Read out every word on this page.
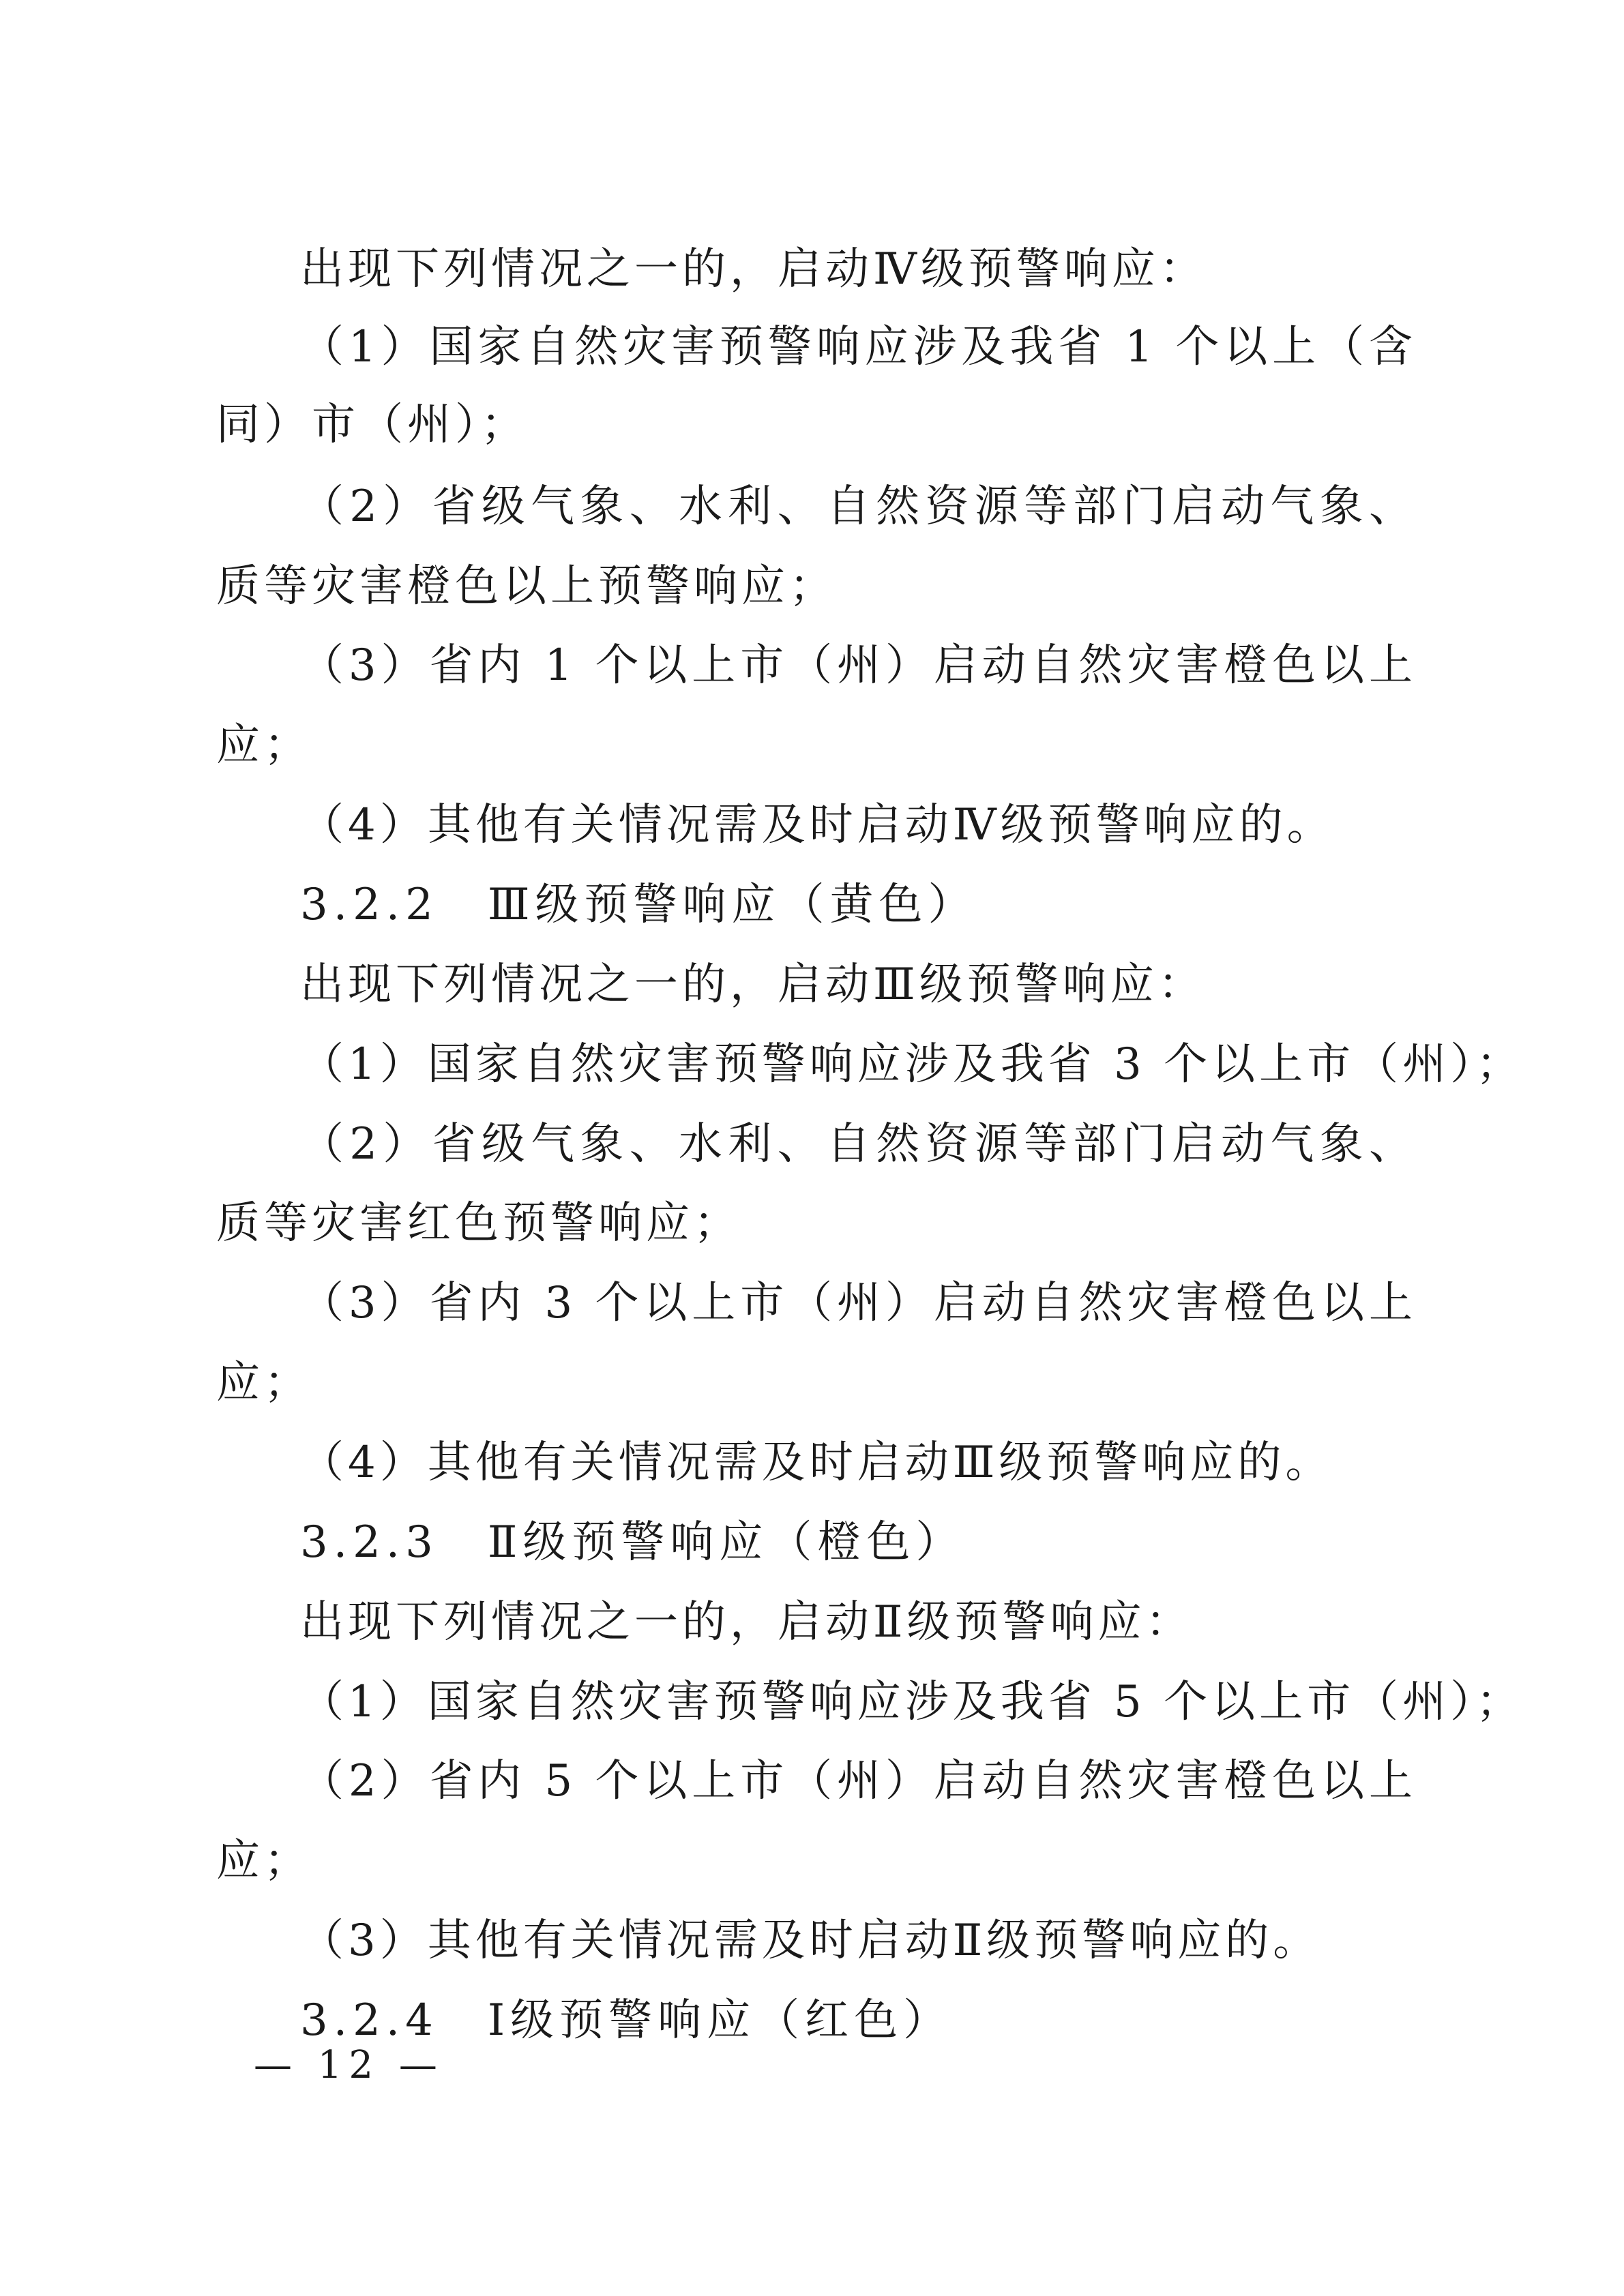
出现下列情况之一的，启动Ⅳ级预警响应：
（1）国家自然灾害预警响应涉及我省 1 个以上（含
同）市（州）；
（2）省级气象、水利、自然资源等部门启动气象、
质等灾害橙色以上预警响应；
（3）省内 1 个以上市（州）启动自然灾害橙色以上
应；
（4）其他有关情况需及时启动Ⅳ级预警响应的。
3.2.2　Ⅲ级预警响应（黄色）
出现下列情况之一的，启动Ⅲ级预警响应：
（1）国家自然灾害预警响应涉及我省 3 个以上市（州）；
（2）省级气象、水利、自然资源等部门启动气象、
质等灾害红色预警响应；
（3）省内 3 个以上市（州）启动自然灾害橙色以上
应；
（4）其他有关情况需及时启动Ⅲ级预警响应的。
3.2.3　Ⅱ级预警响应（橙色）
出现下列情况之一的，启动Ⅱ级预警响应：
（1）国家自然灾害预警响应涉及我省 5 个以上市（州）；
（2）省内 5 个以上市（州）启动自然灾害橙色以上
应；
（3）其他有关情况需及时启动Ⅱ级预警响应的。
3.2.4　Ⅰ级预警响应（红色）
— 12 —
